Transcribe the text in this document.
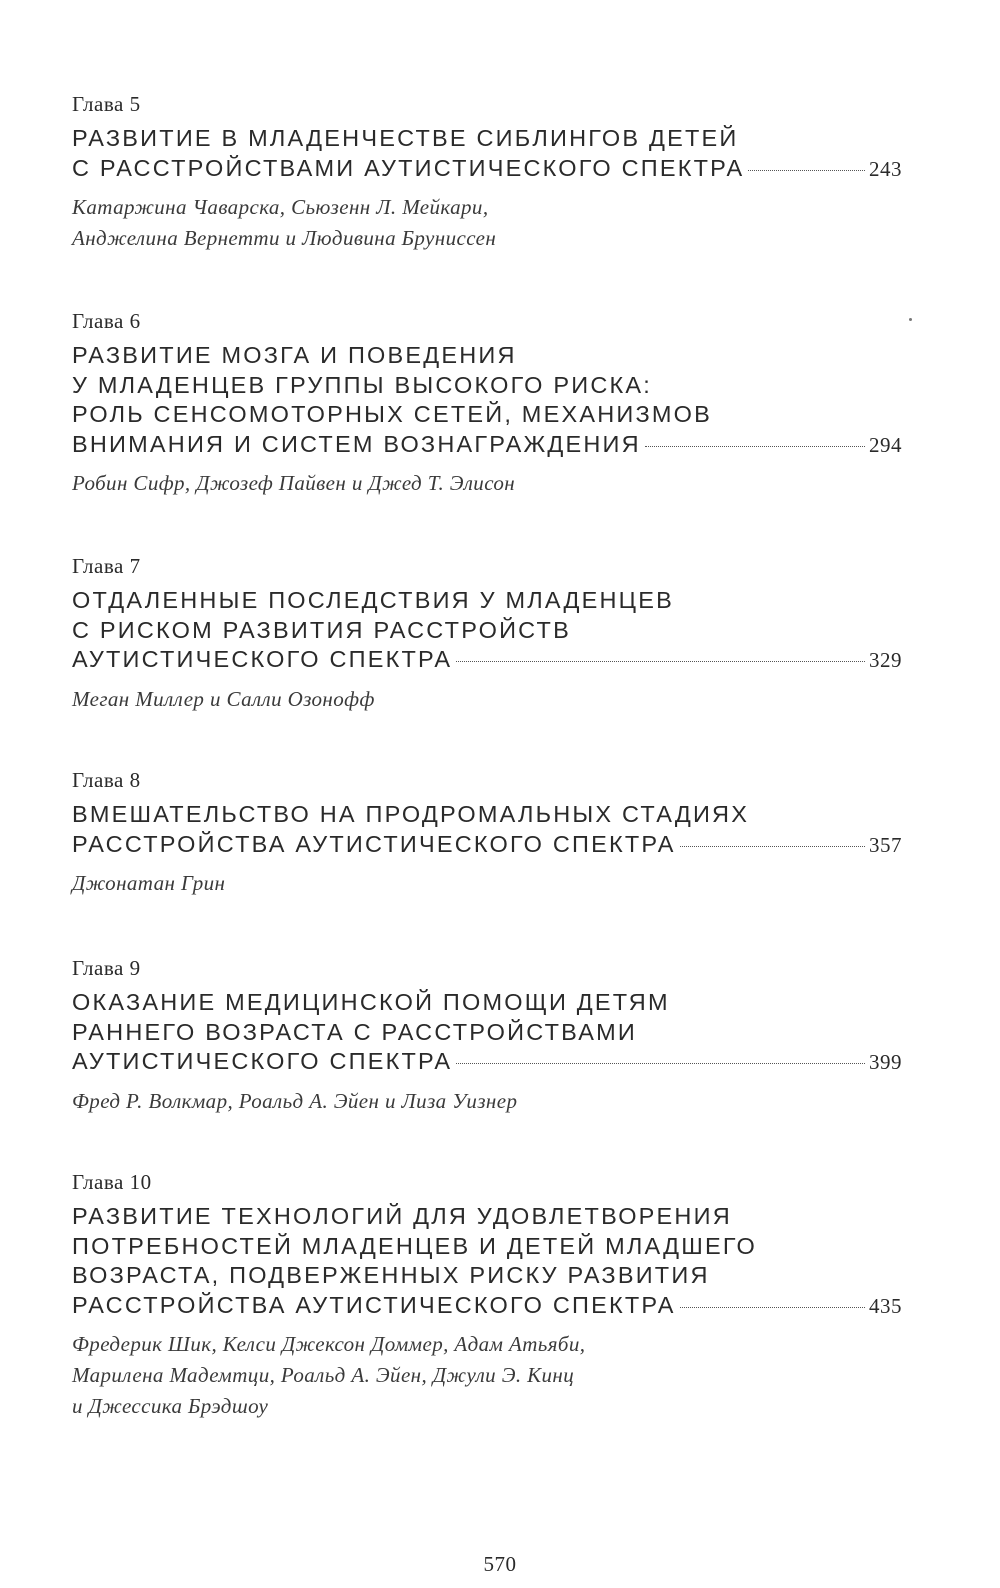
Глава 5
РАЗВИТИЕ В МЛАДЕНЧЕСТВЕ СИБЛИНГОВ ДЕТЕЙ
С РАССТРОЙСТВАМИ АУТИСТИЧЕСКОГО СПЕКТРА	243
Катаржина Чаварска, Сьюзенн Л. Мейкари,
Анджелина Вернетти и Людивина Бруниссен
Глава 6
РАЗВИТИЕ МОЗГА И ПОВЕДЕНИЯ
У МЛАДЕНЦЕВ ГРУППЫ ВЫСОКОГО РИСКА:
РОЛЬ СЕНСОМОТОРНЫХ СЕТЕЙ, МЕХАНИЗМОВ
ВНИМАНИЯ И СИСТЕМ ВОЗНАГРАЖДЕНИЯ	294
Робин Сифр, Джозеф Пайвен и Джед Т. Элисон
Глава 7
ОТДАЛЕННЫЕ ПОСЛЕДСТВИЯ У МЛАДЕНЦЕВ
С РИСКОМ РАЗВИТИЯ РАССТРОЙСТВ
АУТИСТИЧЕСКОГО СПЕКТРА	329
Меган Миллер и Салли Озонофф
Глава 8
ВМЕШАТЕЛЬСТВО НА ПРОДРОМАЛЬНЫХ СТАДИЯХ
РАССТРОЙСТВА АУТИСТИЧЕСКОГО СПЕКТРА	357
Джонатан Грин
Глава 9
ОКАЗАНИЕ МЕДИЦИНСКОЙ ПОМОЩИ ДЕТЯМ
РАННЕГО ВОЗРАСТА С РАССТРОЙСТВАМИ
АУТИСТИЧЕСКОГО СПЕКТРА	399
Фред Р. Волкмар, Роальд А. Эйен и Лиза Уизнер
Глава 10
РАЗВИТИЕ ТЕХНОЛОГИЙ ДЛЯ УДОВЛЕТВОРЕНИЯ
ПОТРЕБНОСТЕЙ МЛАДЕНЦЕВ И ДЕТЕЙ МЛАДШЕГО
ВОЗРАСТА, ПОДВЕРЖЕННЫХ РИСКУ РАЗВИТИЯ
РАССТРОЙСТВА АУТИСТИЧЕСКОГО СПЕКТРА	435
Фредерик Шик, Келси Джексон Доммер, Адам Атьяби,
Марилена Мадемтци, Роальд А. Эйен, Джули Э. Кинц
и Джессика Брэдшоу
570
